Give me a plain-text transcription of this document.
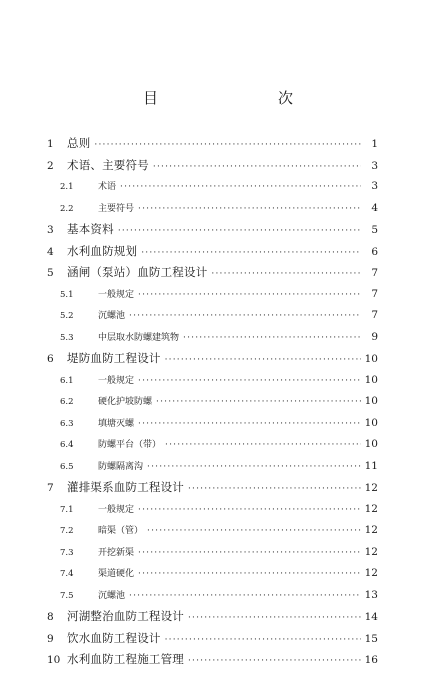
目　　次
1	总则 ·····	1
2	术语、主要符号 ·····	3
2.1	术语 ·····	3
2.2	主要符号 ·····	4
3	基本资料 ·····	5
4	水利血防规划 ·····	6
5	涵闸（泵站）血防工程设计 ·····	7
5.1	一般规定 ·····	7
5.2	沉螺池 ·····	7
5.3	中层取水防螺建筑物 ·····	9
6	堤防血防工程设计 ·····	10
6.1	一般规定 ·····	10
6.2	硬化护坡防螺 ·····	10
6.3	填塘灭螺 ·····	10
6.4	防螺平台（带） ·····	10
6.5	防螺隔离沟 ·····	11
7	灌排渠系血防工程设计 ·····	12
7.1	一般规定 ·····	12
7.2	暗渠（管） ·····	12
7.3	开挖新渠 ·····	12
7.4	渠道硬化 ·····	12
7.5	沉螺池 ·····	13
8	河湖整治血防工程设计 ·····	14
9	饮水血防工程设计 ·····	15
10 水利血防工程施工管理 ·····	16
